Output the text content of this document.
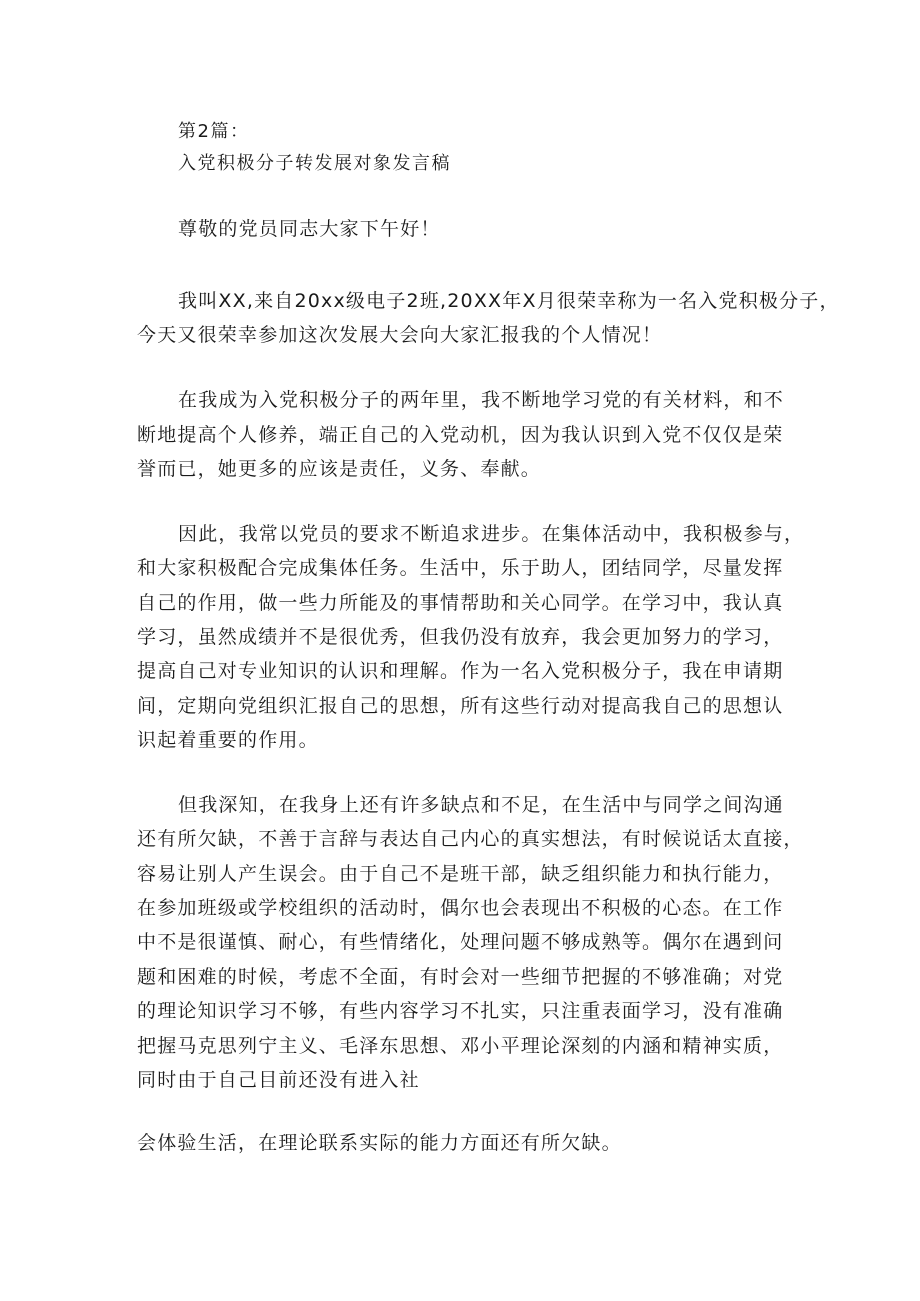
第2篇：
入党积极分子转发展对象发言稿
尊敬的党员同志大家下午好！
我叫XX,来自20xx级电子2班,20XX年X月很荣幸称为一名入党积极分子，
今天又很荣幸参加这次发展大会向大家汇报我的个人情况！
在我成为入党积极分子的两年里，我不断地学习党的有关材料，和不
断地提高个人修养，端正自己的入党动机，因为我认识到入党不仅仅是荣
誉而已，她更多的应该是责任，义务、奉献。
因此，我常以党员的要求不断追求进步。在集体活动中，我积极参与，
和大家积极配合完成集体任务。生活中，乐于助人，团结同学，尽量发挥
自己的作用，做一些力所能及的事情帮助和关心同学。在学习中，我认真
学习，虽然成绩并不是很优秀，但我仍没有放弃，我会更加努力的学习，
提高自己对专业知识的认识和理解。作为一名入党积极分子，我在申请期
间，定期向党组织汇报自己的思想，所有这些行动对提高我自己的思想认
识起着重要的作用。
但我深知，在我身上还有许多缺点和不足，在生活中与同学之间沟通
还有所欠缺，不善于言辞与表达自己内心的真实想法，有时候说话太直接，
容易让别人产生误会。由于自己不是班干部，缺乏组织能力和执行能力，
在参加班级或学校组织的活动时，偶尔也会表现出不积极的心态。在工作
中不是很谨慎、耐心，有些情绪化，处理问题不够成熟等。偶尔在遇到问
题和困难的时候，考虑不全面，有时会对一些细节把握的不够准确；对党
的理论知识学习不够，有些内容学习不扎实，只注重表面学习，没有准确
把握马克思列宁主义、毛泽东思想、邓小平理论深刻的内涵和精神实质，
同时由于自己目前还没有进入社
会体验生活，在理论联系实际的能力方面还有所欠缺。
